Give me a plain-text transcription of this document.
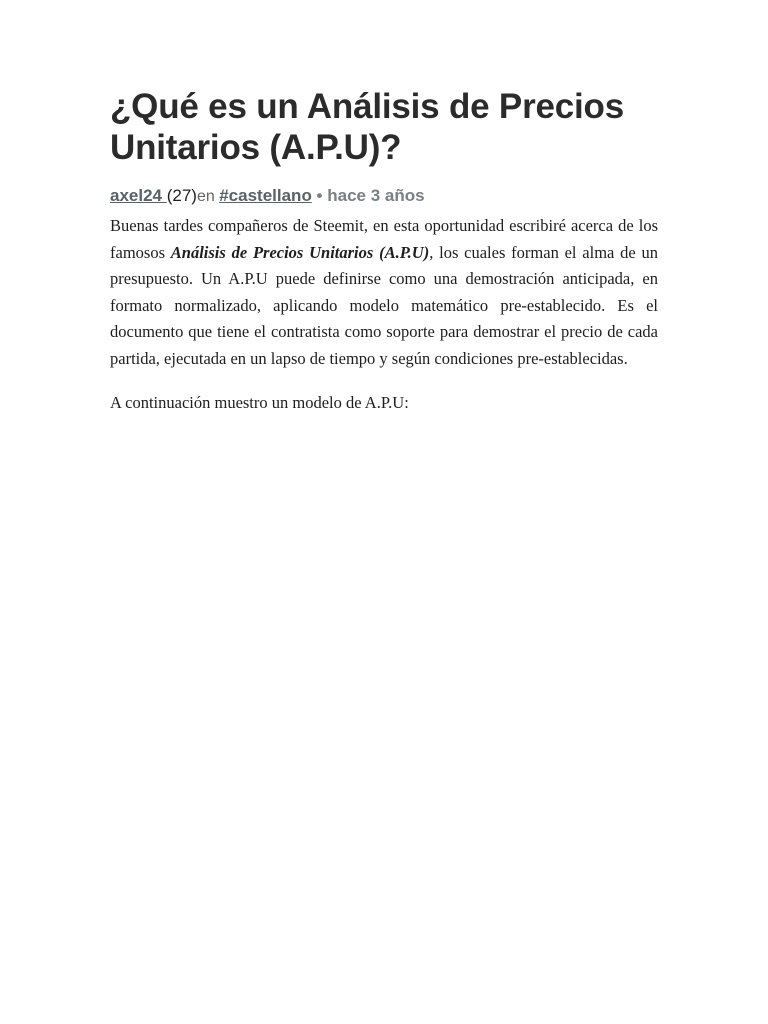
¿Qué es un Análisis de Precios Unitarios (A.P.U)?
axel24 (27)en #castellano • hace 3 años

Buenas tardes compañeros de Steemit, en esta oportunidad escribiré acerca de los famosos Análisis de Precios Unitarios (A.P.U), los cuales forman el alma de un presupuesto. Un A.P.U puede definirse como una demostración anticipada, en formato normalizado, aplicando modelo matemático pre-establecido. Es el documento que tiene el contratista como soporte para demostrar el precio de cada partida, ejecutada en un lapso de tiempo y según condiciones pre-establecidas.

A continuación muestro un modelo de A.P.U:
